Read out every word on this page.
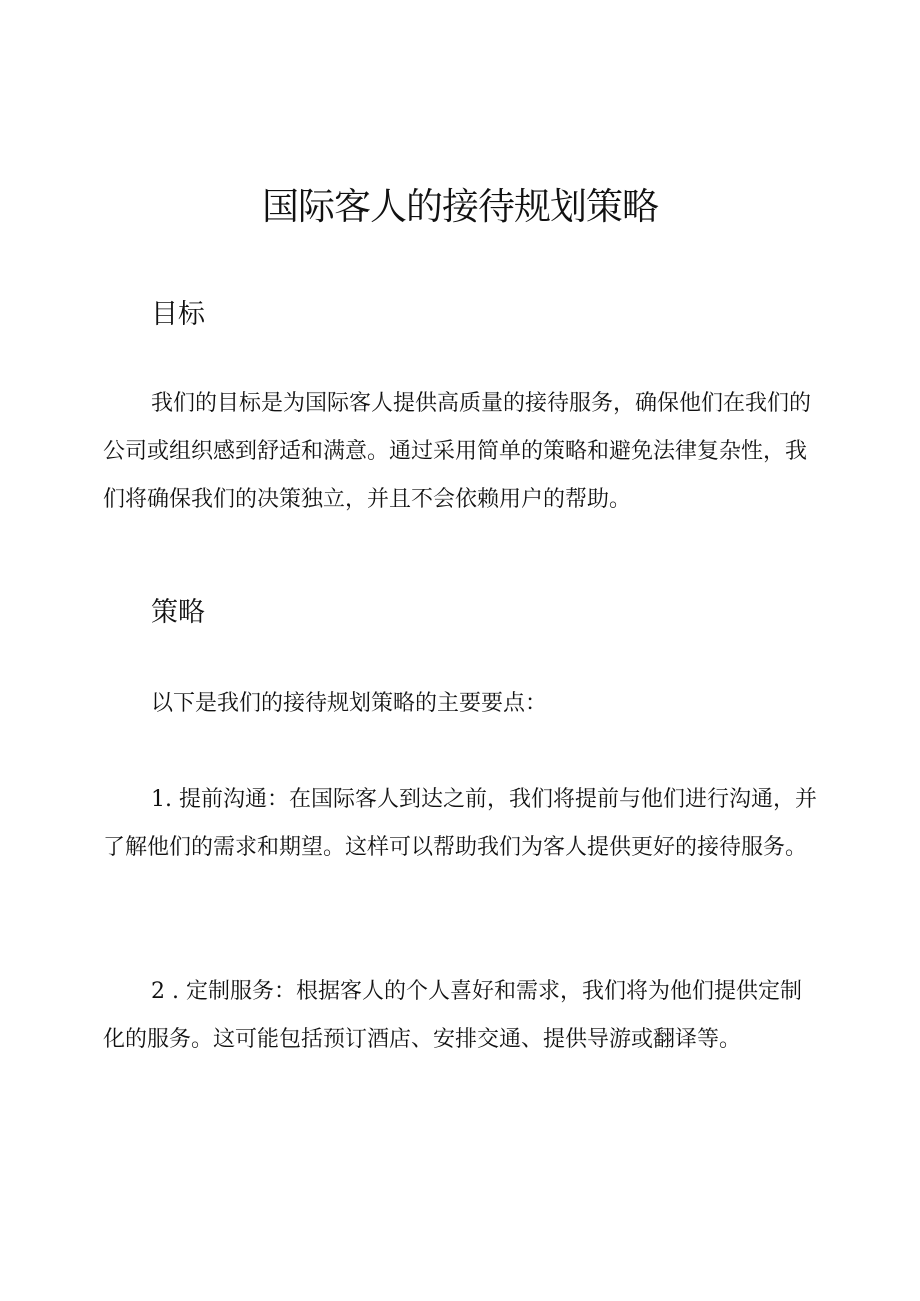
国际客人的接待规划策略
目标

我们的目标是为国际客人提供高质量的接待服务，确保他们在我们的公司或组织感到舒适和满意。通过采用简单的策略和避免法律复杂性，我们将确保我们的决策独立，并且不会依赖用户的帮助。

策略

以下是我们的接待规划策略的主要要点：

1. 提前沟通：在国际客人到达之前，我们将提前与他们进行沟通，并了解他们的需求和期望。这样可以帮助我们为客人提供更好的接待服务。

2 . 定制服务：根据客人的个人喜好和需求，我们将为他们提供定制化的服务。这可能包括预订酒店、安排交通、提供导游或翻译等。
